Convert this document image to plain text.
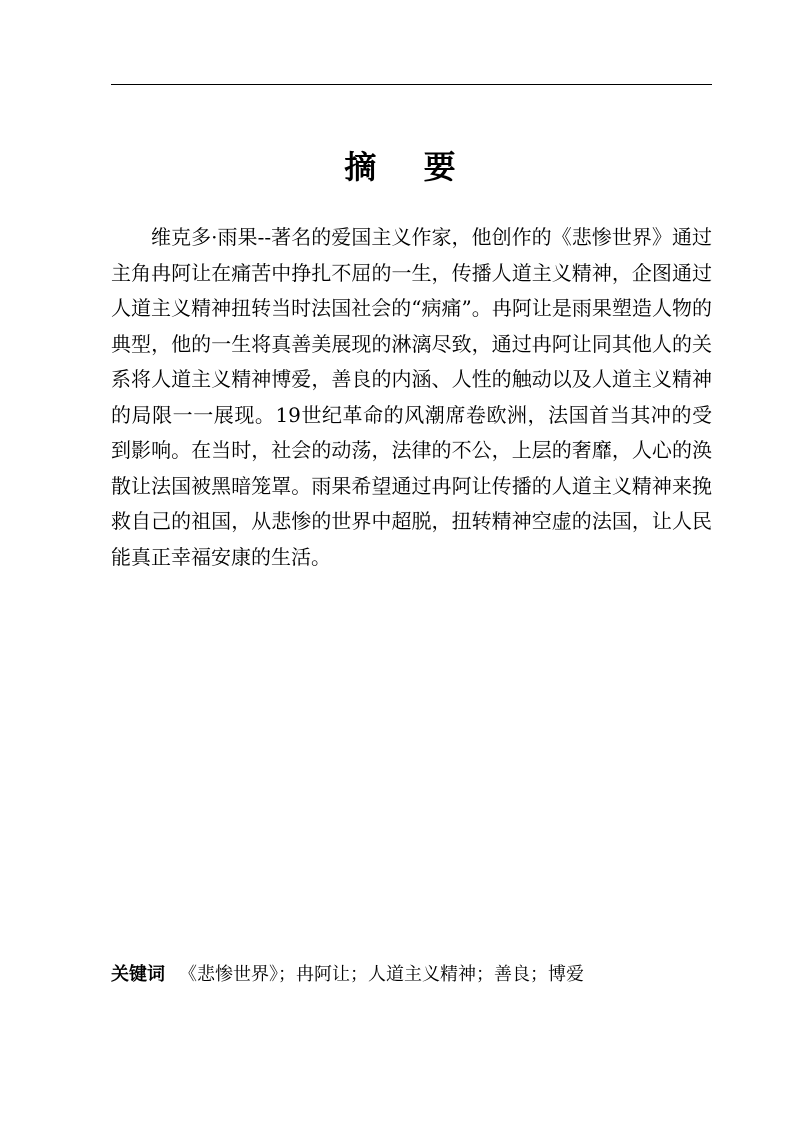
摘 要

维克多·雨果--著名的爱国主义作家，他创作的《悲惨世界》通过主角冉阿让在痛苦中挣扎不屈的一生，传播人道主义精神，企图通过人道主义精神扭转当时法国社会的“病痛”。冉阿让是雨果塑造人物的典型，他的一生将真善美展现的淋漓尽致，通过冉阿让同其他人的关系将人道主义精神博爱，善良的内涵、人性的触动以及人道主义精神的局限一一展现。19世纪革命的风潮席卷欧洲，法国首当其冲的受到影响。在当时，社会的动荡，法律的不公，上层的奢靡，人心的涣散让法国被黑暗笼罩。雨果希望通过冉阿让传播的人道主义精神来挽救自己的祖国，从悲惨的世界中超脱，扭转精神空虚的法国，让人民能真正幸福安康的生活。

关键词 《悲惨世界》；冉阿让；人道主义精神；善良；博爱
